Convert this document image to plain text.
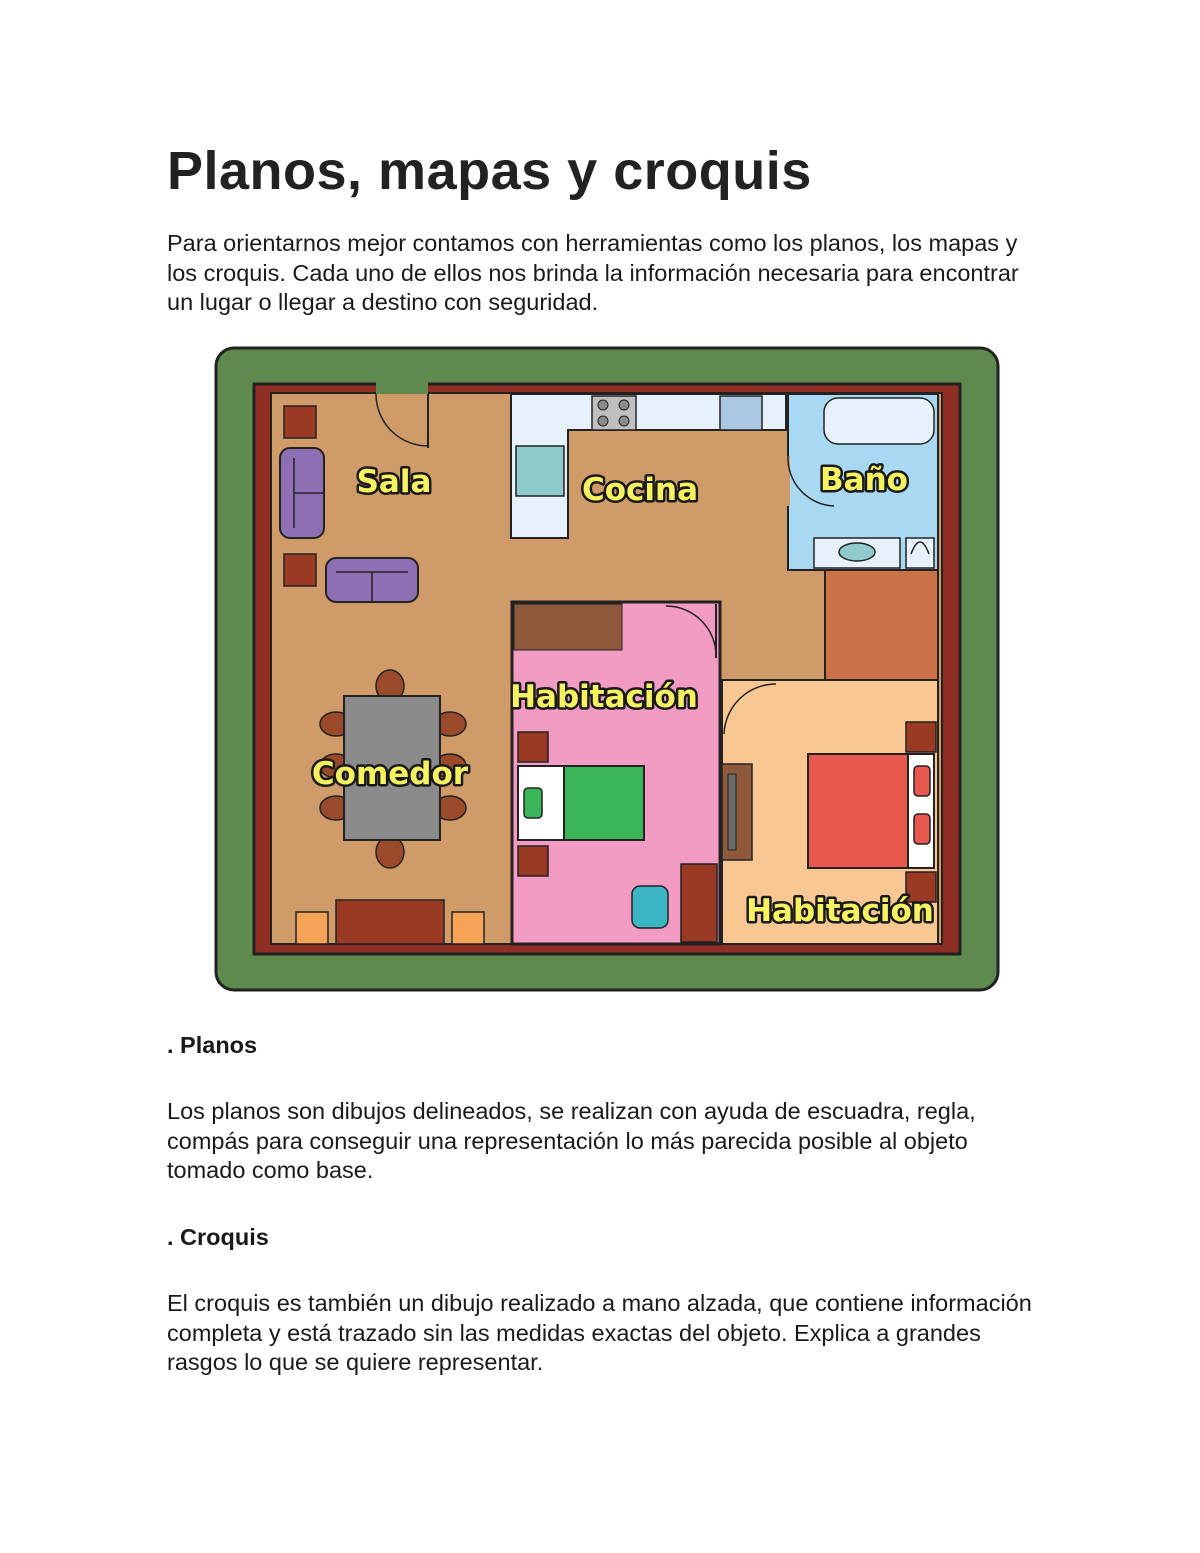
Planos, mapas y croquis

Para orientarnos mejor contamos con herramientas como los planos, los mapas y los croquis. Cada uno de ellos nos brinda la información necesaria para encontrar un lugar o llegar a destino con seguridad.

Sala	Cocina	Baño
Habitación
Comedor
Habitación
. Planos

Los planos son dibujos delineados, se realizan con ayuda de escuadra, regla, compás para conseguir una representación lo más parecida posible al objeto tomado como base.

. Croquis

El croquis es también un dibujo realizado a mano alzada, que contiene información completa y está trazado sin las medidas exactas del objeto. Explica a grandes rasgos lo que se quiere representar.
